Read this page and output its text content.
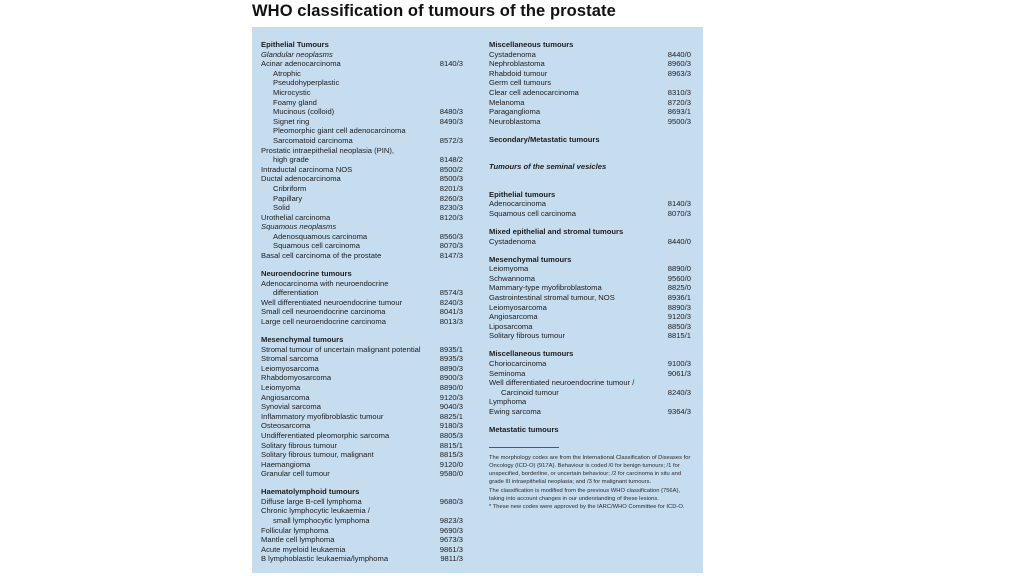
WHO classification of tumours of the prostate
Epithelial Tumours
Glandular neoplasms
Acinar adenocarcinoma	8140/3
Atrophic
Pseudohyperplastic
Microcystic
Foamy gland
Mucinous (colloid)	8480/3
Signet ring	8490/3
Pleomorphic giant cell adenocarcinoma
Sarcomatoid carcinoma	8572/3
Prostatic intraepithelial neoplasia (PIN),
high grade	8148/2
Intraductal carcinoma NOS	8500/2
Ductal adenocarcinoma	8500/3
Cribriform	8201/3
Papillary	8260/3
Solid	8230/3
Urothelial carcinoma	8120/3
Squamous neoplasms
Adenosquamous carcinoma	8560/3
Squamous cell carcinoma	8070/3
Basal cell carcinoma of the prostate	8147/3
Neuroendocrine tumours
Adenocarcinoma with neuroendocrine
differentiation	8574/3
Well differentiated neuroendocrine tumour	8240/3
Small cell neuroendocrine carcinoma	8041/3
Large cell neuroendocrine carcinoma	8013/3
Mesenchymal tumours
Stromal tumour of uncertain malignant potential	8935/1
Stromal sarcoma	8935/3
Leiomyosarcoma	8890/3
Rhabdomyosarcoma	8900/3
Leiomyoma	8890/0
Angiosarcoma	9120/3
Synovial sarcoma	9040/3
Inflammatory myofibroblastic tumour	8825/1
Osteosarcoma	9180/3
Undifferentiated pleomorphic sarcoma	8805/3
Solitary fibrous tumour	8815/1
Solitary fibrous tumour, malignant	8815/3
Haemangioma	9120/0
Granular cell tumour	9580/0
Haematolymphoid tumours
Diffuse large B-cell lymphoma	9680/3
Chronic lymphocytic leukaemia /
small lymphocytic lymphoma	9823/3
Follicular lymphoma	9690/3
Mantle cell lymphoma	9673/3
Acute myeloid leukaemia	9861/3
B lymphoblastic leukaemia/lymphoma	9811/3
Miscellaneous tumours
Cystadenoma	8440/0
Nephroblastoma	8960/3
Rhabdoid tumour	8963/3
Germ cell tumours
Clear cell adenocarcinoma	8310/3
Melanoma	8720/3
Paraganglioma	8693/1
Neuroblastoma	9500/3
Secondary/Metastatic tumours
Tumours of the seminal vesicles
Epithelial tumours
Adenocarcinoma	8140/3
Squamous cell carcinoma	8070/3
Mixed epithelial and stromal tumours
Cystadenoma	8440/0
Mesenchymal tumours
Leiomyoma	8890/0
Schwannoma	9560/0
Mammary-type myofibroblastoma	8825/0
Gastrointestinal stromal tumour, NOS	8936/1
Leiomyosarcoma	8890/3
Angiosarcoma	9120/3
Liposarcoma	8850/3
Solitary fibrous tumour	8815/1
Miscellaneous tumours
Choriocarcinoma	9100/3
Seminoma	9061/3
Well differentiated neuroendocrine tumour /
Carcinoid tumour	8240/3
Lymphoma
Ewing sarcoma	9364/3
Metastatic tumours

The morphology codes are from the International Classification of Diseases for Oncology (ICD-O) {917A}. Behaviour is coded /0 for benign tumours; /1 for unspecified, borderline, or uncertain behaviour; /2 for carcinoma in situ and grade III intraepithelial neoplasia; and /3 for malignant tumours.

The classification is modified from the previous WHO classification {756A}, taking into account changes in our understanding of these lesions.

* These new codes were approved by the IARC/WHO Committee for ICD-O.
